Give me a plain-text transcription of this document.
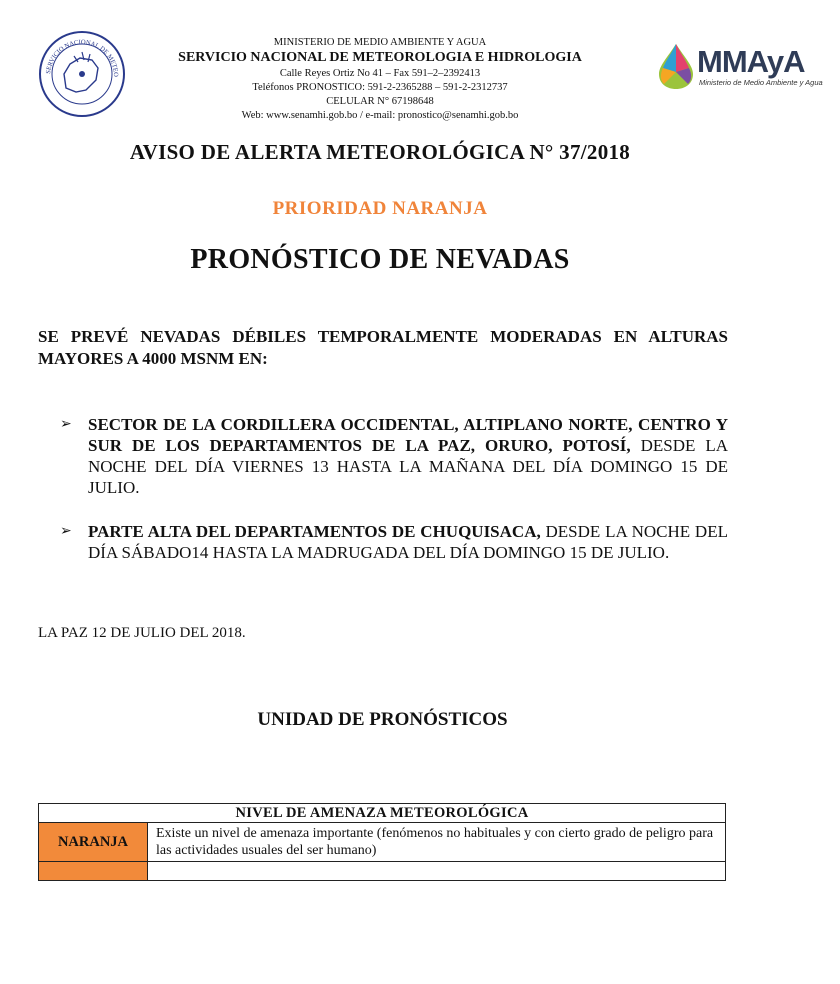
SERVICIO NACIONAL DE METEO
MINISTERIO DE MEDIO AMBIENTE Y AGUA
SERVICIO NACIONAL DE METEOROLOGIA E HIDROLOGIA
Calle Reyes Ortiz No 41 – Fax 591–2–2392413
Teléfonos PRONOSTICO: 591-2-2365288 – 591-2-2312737
CELULAR N° 67198648
Web: www.senamhi.gob.bo / e-mail: pronostico@senamhi.gob.bo
MMAyA
Ministerio de Medio Ambiente y Agua
AVISO DE ALERTA METEOROLÓGICA N° 37/2018
PRIORIDAD NARANJA
PRONÓSTICO DE NEVADAS
SE PREVÉ NEVADAS DÉBILES TEMPORALMENTE MODERADAS EN ALTURAS MAYORES A 4000 MSNM EN:
➢ SECTOR DE LA CORDILLERA OCCIDENTAL, ALTIPLANO NORTE, CENTRO Y SUR DE LOS DEPARTAMENTOS DE LA PAZ, ORURO, POTOSÍ, DESDE LA NOCHE DEL DÍA VIERNES 13 HASTA LA MAÑANA DEL DÍA DOMINGO 15 DE JULIO.
➢ PARTE ALTA DEL DEPARTAMENTOS DE CHUQUISACA, DESDE LA NOCHE DEL DÍA SÁBADO14 HASTA LA MADRUGADA DEL DÍA DOMINGO 15 DE JULIO.
LA PAZ 12 DE JULIO DEL 2018.
UNIDAD DE PRONÓSTICOS
NIVEL DE AMENAZA METEOROLÓGICA	
NARANJA	Existe un nivel de amenaza importante (fenómenos no habituales y con cierto grado de peligro para las actividades usuales del ser humano)
